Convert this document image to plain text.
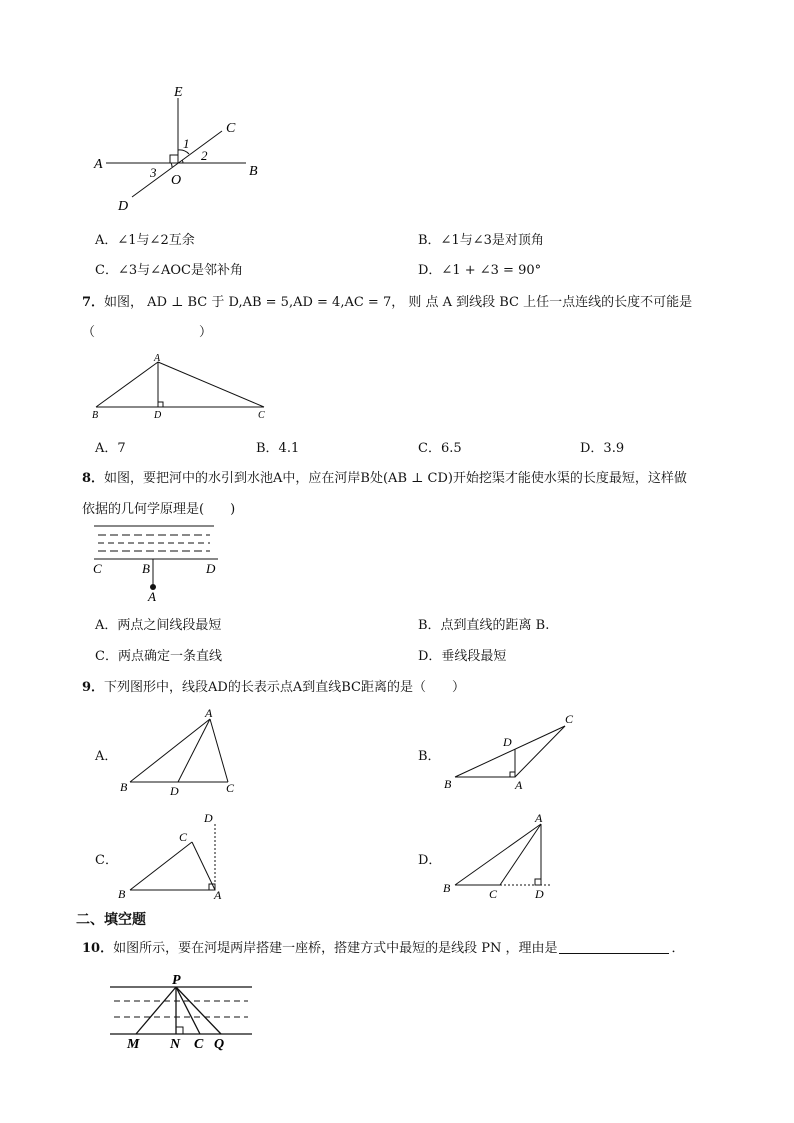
E
C
A	B
D
O
1
2
3
A．∠1与∠2互余	B．∠1与∠3是对顶角
C．∠3与∠AOC是邻补角	D．∠1 + ∠3 = 90°
7．如图， AD ⊥ BC 于 D,AB = 5,AD = 4,AC = 7， 则 点 A 到线段 BC 上任一点连线的长度不可能是
（　　　　　　　　）
A
B	D	C
A．7	B．4.1	C．6.5	D．3.9
8．如图，要把河中的水引到水池A中，应在河岸B处(AB ⊥ CD)开始挖渠才能使水渠的长度最短，这样做
依据的几何学原理是(　　)
C	B	D
A
A．两点之间线段最短	B．点到直线的距离 B.
C．两点确定一条直线	D．垂线段最短
9．下列图形中，线段AD的长表示点A到直线BC距离的是（　　）
A．	B．
C．	D．
A
B	D	C
C
D
B	A
D
C
B	A
A
B	C	D
二、填空题
10．如图所示，要在河堤两岸搭建一座桥，搭建方式中最短的是线段 PN ，理由是	．
P
M N C Q
